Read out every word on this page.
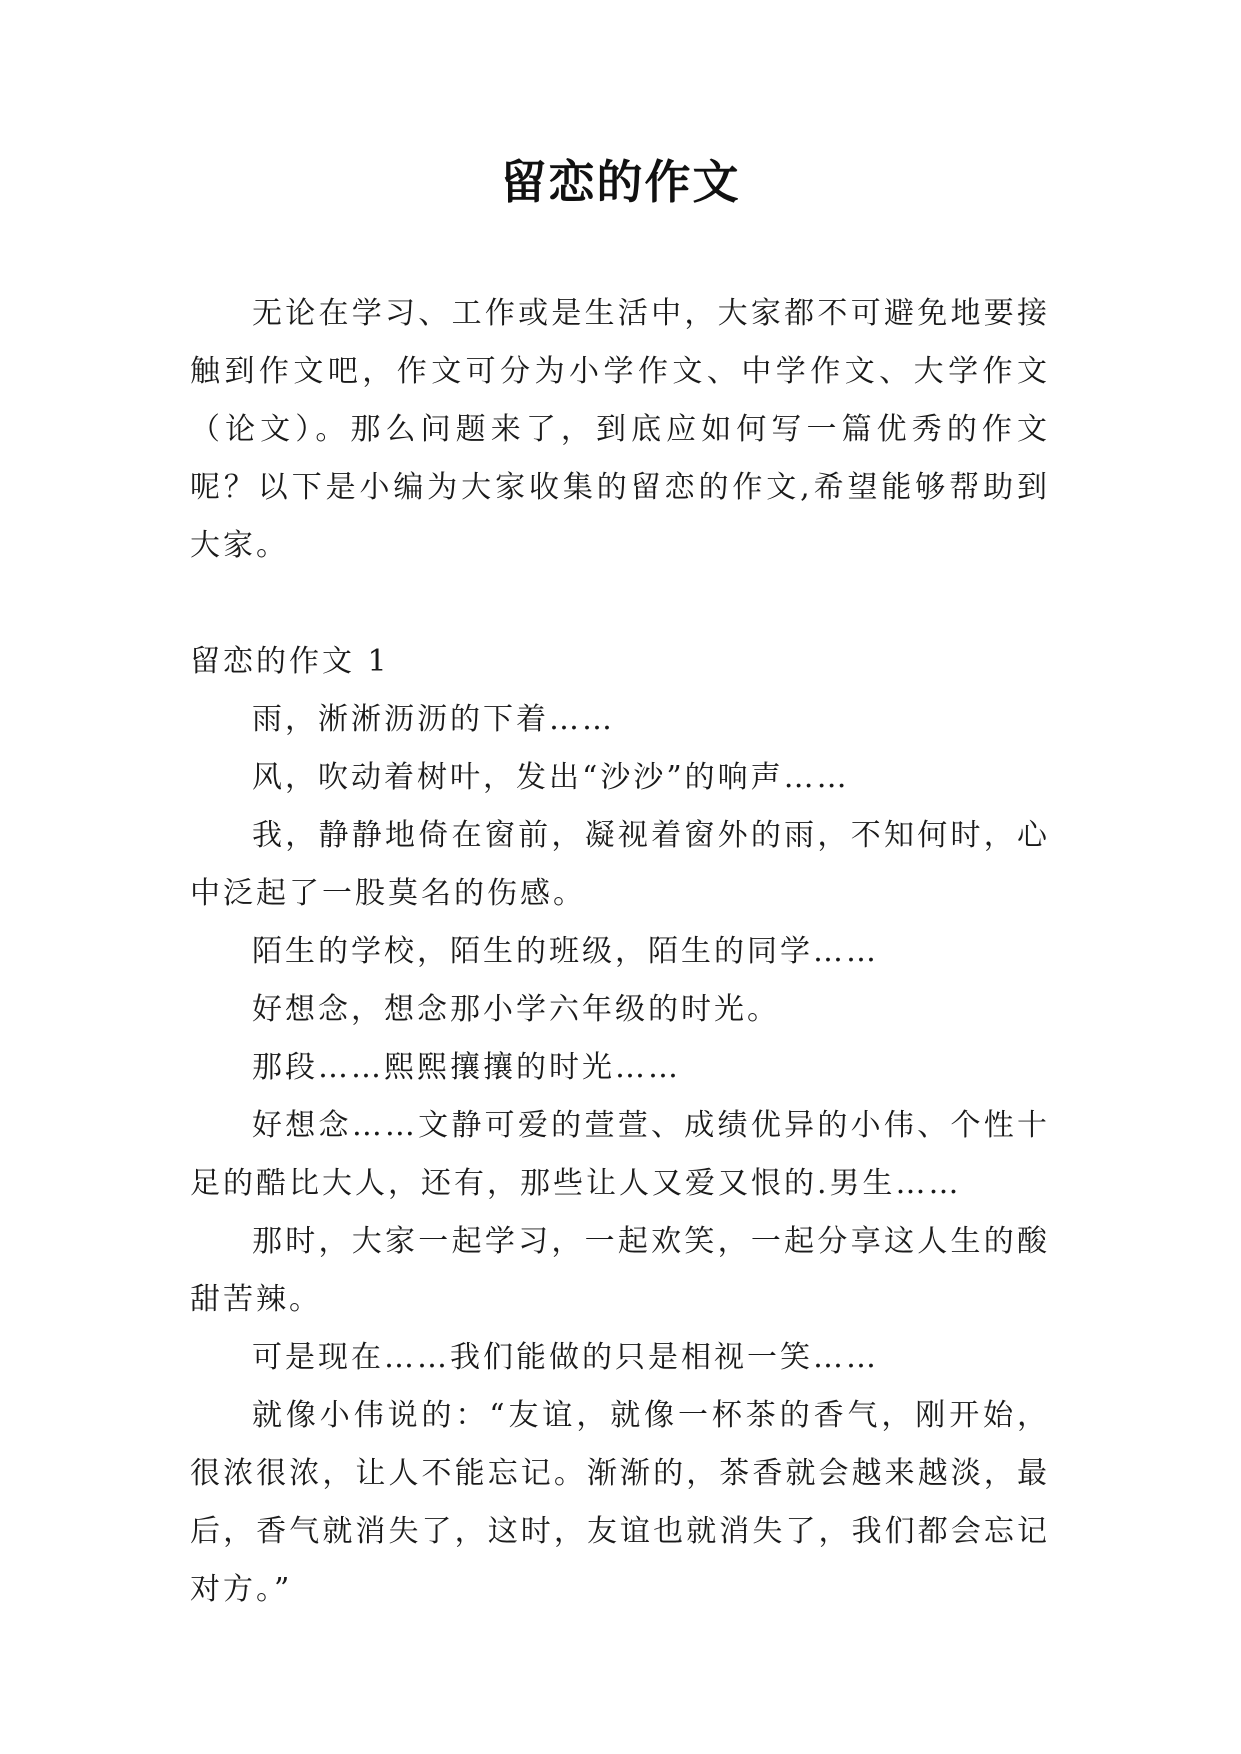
留恋的作文

无论在学习、工作或是生活中，大家都不可避免地要接触到作文吧，作文可分为小学作文、中学作文、大学作文（论文）。那么问题来了，到底应如何写一篇优秀的作文呢？以下是小编为大家收集的留恋的作文,希望能够帮助到大家。

留恋的作文 1

雨，淅淅沥沥的下着……

风，吹动着树叶，发出“沙沙”的响声……

我，静静地倚在窗前，凝视着窗外的雨，不知何时，心中泛起了一股莫名的伤感。

陌生的学校，陌生的班级，陌生的同学……

好想念，想念那小学六年级的时光。

那段……熙熙攘攘的时光……

好想念……文静可爱的萱萱、成绩优异的小伟、个性十足的酷比大人，还有，那些让人又爱又恨的.男生……

那时，大家一起学习，一起欢笑，一起分享这人生的酸甜苦辣。

可是现在……我们能做的只是相视一笑……

就像小伟说的：“友谊，就像一杯茶的香气，刚开始，很浓很浓，让人不能忘记。渐渐的，茶香就会越来越淡，最后，香气就消失了，这时，友谊也就消失了，我们都会忘记对方。”
